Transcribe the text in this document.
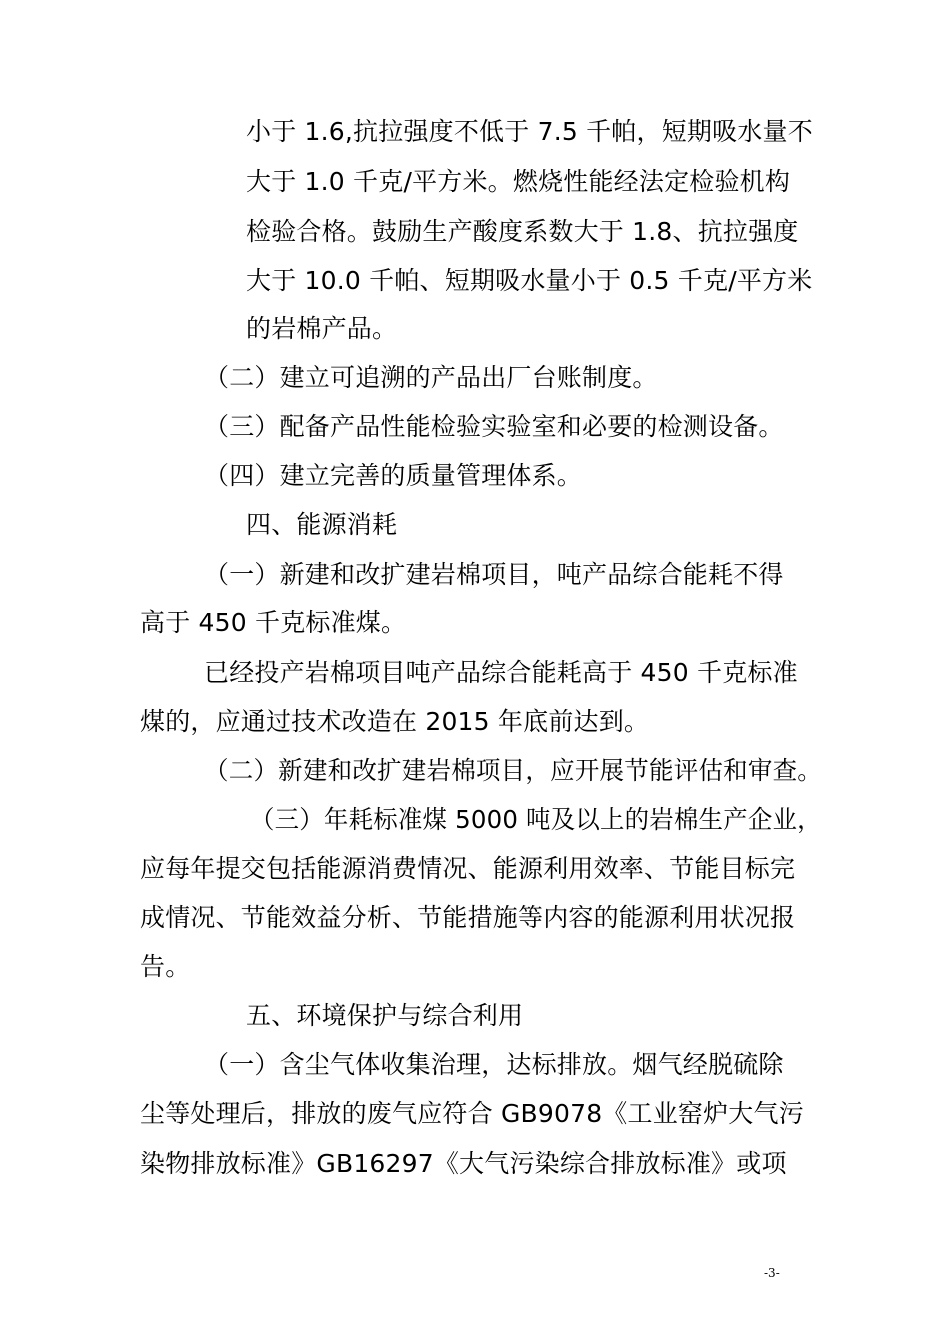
小于 1.6,抗拉强度不低于 7.5 千帕，短期吸水量不

大于 1.0 千克/平方米。燃烧性能经法定检验机构

检验合格。鼓励生产酸度系数大于 1.8、抗拉强度

大于 10.0 千帕、短期吸水量小于 0.5 千克/平方米

的岩棉产品。

（二）建立可追溯的产品出厂台账制度。

（三）配备产品性能检验实验室和必要的检测设备。

（四）建立完善的质量管理体系。

四、能源消耗

（一）新建和改扩建岩棉项目，吨产品综合能耗不得

高于 450 千克标准煤。

已经投产岩棉项目吨产品综合能耗高于 450 千克标准

煤的，应通过技术改造在 2015 年底前达到。

（二）新建和改扩建岩棉项目，应开展节能评估和审查。

（三）年耗标准煤 5000 吨及以上的岩棉生产企业，

应每年提交包括能源消费情况、能源利用效率、节能目标完

成情况、节能效益分析、节能措施等内容的能源利用状况报

告。

五、环境保护与综合利用

（一）含尘气体收集治理，达标排放。烟气经脱硫除

尘等处理后，排放的废气应符合 GB9078《工业窑炉大气污

染物排放标准》GB16297《大气污染综合排放标准》或项

-3-
